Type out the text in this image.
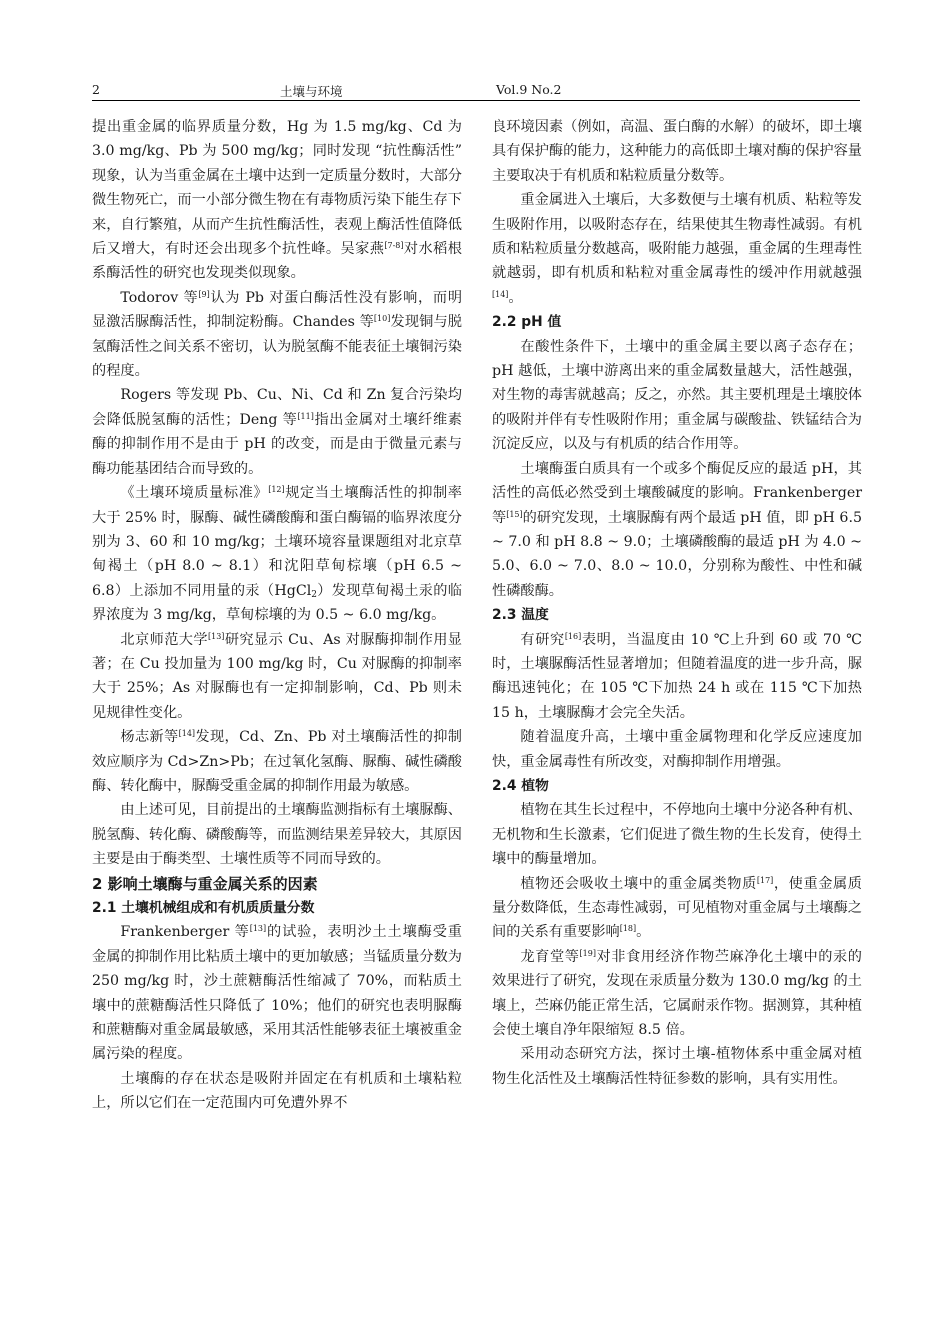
2	土壤与环境	Vol.9 No.2

提出重金属的临界质量分数，Hg 为 1.5 mg/kg、Cd 为 3.0 mg/kg、Pb 为 500 mg/kg；同时发现 “抗性酶活性” 现象，认为当重金属在土壤中达到一定质量分数时，大部分微生物死亡，而一小部分微生物在有毒物质污染下能生存下来，自行繁殖，从而产生抗性酶活性，表观上酶活性值降低后又增大，有时还会出现多个抗性峰。吴家燕[7-8]对水稻根系酶活性的研究也发现类似现象。

Todorov 等[9]认为 Pb 对蛋白酶活性没有影响，而明显激活脲酶活性，抑制淀粉酶。Chandes 等[10]发现铜与脱氢酶活性之间关系不密切，认为脱氢酶不能表征土壤铜污染的程度。

Rogers 等发现 Pb、Cu、Ni、Cd 和 Zn 复合污染均会降低脱氢酶的活性；Deng 等[11]指出金属对土壤纤维素酶的抑制作用不是由于 pH 的改变，而是由于微量元素与酶功能基团结合而导致的。

《土壤环境质量标准》[12]规定当土壤酶活性的抑制率大于 25% 时，脲酶、碱性磷酸酶和蛋白酶镉的临界浓度分别为 3、60 和 10 mg/kg；土壤环境容量课题组对北京草甸褐土（pH 8.0 ~ 8.1）和沈阳草甸棕壤（pH 6.5 ~ 6.8）上添加不同用量的汞（HgCl$_2$）发现草甸褐土汞的临界浓度为 3 mg/kg，草甸棕壤的为 0.5 ~ 6.0 mg/kg。

北京师范大学[13]研究显示 Cu、As 对脲酶抑制作用显著；在 Cu 投加量为 100 mg/kg 时，Cu 对脲酶的抑制率大于 25%；As 对脲酶也有一定抑制影响，Cd、Pb 则未见规律性变化。

杨志新等[14]发现，Cd、Zn、Pb 对土壤酶活性的抑制效应顺序为 Cd>Zn>Pb；在过氧化氢酶、脲酶、碱性磷酸酶、转化酶中，脲酶受重金属的抑制作用最为敏感。

由上述可见，目前提出的土壤酶监测指标有土壤脲酶、脱氢酶、转化酶、磷酸酶等，而监测结果差异较大，其原因主要是由于酶类型、土壤性质等不同而导致的。

2 影响土壤酶与重金属关系的因素
2.1 土壤机械组成和有机质质量分数

Frankenberger 等[13]的试验，表明沙土土壤酶受重金属的抑制作用比粘质土壤中的更加敏感；当锰质量分数为 250 mg/kg 时，沙土蔗糖酶活性缩减了 70%，而粘质土壤中的蔗糖酶活性只降低了 10%；他们的研究也表明脲酶和蔗糖酶对重金属最敏感，采用其活性能够表征土壤被重金属污染的程度。

土壤酶的存在状态是吸附并固定在有机质和土壤粘粒上，所以它们在一定范围内可免遭外界不

良环境因素（例如，高温、蛋白酶的水解）的破坏，即土壤具有保护酶的能力，这种能力的高低即土壤对酶的保护容量主要取决于有机质和粘粒质量分数等。

重金属进入土壤后，大多数便与土壤有机质、粘粒等发生吸附作用，以吸附态存在，结果使其生物毒性减弱。有机质和粘粒质量分数越高，吸附能力越强，重金属的生理毒性就越弱，即有机质和粘粒对重金属毒性的缓冲作用就越强[14]。

2.2 pH 值

在酸性条件下，土壤中的重金属主要以离子态存在；pH 越低，土壤中游离出来的重金属数量越大，活性越强，对生物的毒害就越高；反之，亦然。其主要机理是土壤胶体的吸附并伴有专性吸附作用；重金属与碳酸盐、铁锰结合为沉淀反应，以及与有机质的结合作用等。

土壤酶蛋白质具有一个或多个酶促反应的最适 pH，其活性的高低必然受到土壤酸碱度的影响。Frankenberger 等[15]的研究发现，土壤脲酶有两个最适 pH 值，即 pH 6.5 ~ 7.0 和 pH 8.8 ~ 9.0；土壤磷酸酶的最适 pH 为 4.0 ~ 5.0、6.0 ~ 7.0、8.0 ~ 10.0，分别称为酸性、中性和碱性磷酸酶。

2.3 温度

有研究[16]表明，当温度由 10 ℃上升到 60 或 70 ℃时，土壤脲酶活性显著增加；但随着温度的进一步升高，脲酶迅速钝化；在 105 ℃下加热 24 h 或在 115 ℃下加热 15 h，土壤脲酶才会完全失活。

随着温度升高，土壤中重金属物理和化学反应速度加快，重金属毒性有所改变，对酶抑制作用增强。

2.4 植物

植物在其生长过程中，不停地向土壤中分泌各种有机、无机物和生长激素，它们促进了微生物的生长发育，使得土壤中的酶量增加。

植物还会吸收土壤中的重金属类物质[17]，使重金属质量分数降低，生态毒性减弱，可见植物对重金属与土壤酶之间的关系有重要影响[18]。

龙育堂等[19]对非食用经济作物苎麻净化土壤中的汞的效果进行了研究，发现在汞质量分数为 130.0 mg/kg 的土壤上，苎麻仍能正常生活，它属耐汞作物。据测算，其种植会使土壤自净年限缩短 8.5 倍。

采用动态研究方法，探讨土壤-植物体系中重金属对植物生化活性及土壤酶活性特征参数的影响，具有实用性。
